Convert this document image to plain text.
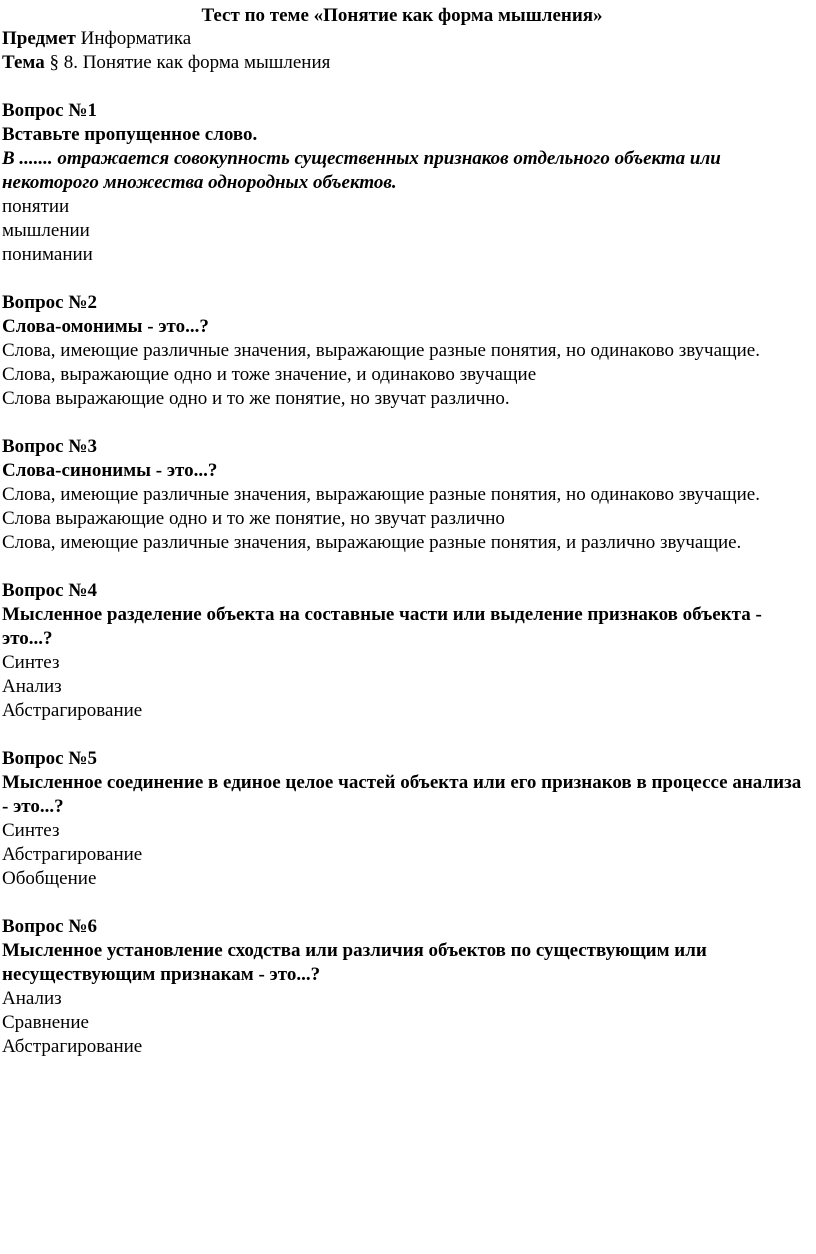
Тест по теме «Понятие как форма мышления»

Предмет Информатика

Тема § 8. Понятие как форма мышления

Вопрос №1

Вставьте пропущенное слово.

В ....... отражается совокупность существенных признаков отдельного объекта или некоторого множества однородных объектов.

понятии
мышлении
понимании

Вопрос №2

Слова-омонимы - это...?

Слова, имеющие различные значения, выражающие разные понятия, но одинаково звучащие.
Слова, выражающие одно и тоже значение, и одинаково звучащие
Слова выражающие одно и то же понятие, но звучат различно.

Вопрос №3

Слова-синонимы - это...?

Слова, имеющие различные значения, выражающие разные понятия, но одинаково звучащие.
Слова выражающие одно и то же понятие, но звучат различно
Слова, имеющие различные значения, выражающие разные понятия, и различно звучащие.

Вопрос №4

Мысленное разделение объекта на составные части или выделение признаков объекта - это...?

Синтез
Анализ
Абстрагирование

Вопрос №5

Мысленное соединение в единое целое частей объекта или его признаков в процессе анализа - это...?

Синтез
Абстрагирование
Обобщение

Вопрос №6

Мысленное установление сходства или различия объектов по существующим или несуществующим признакам - это...?

Анализ
Сравнение
Абстрагирование
